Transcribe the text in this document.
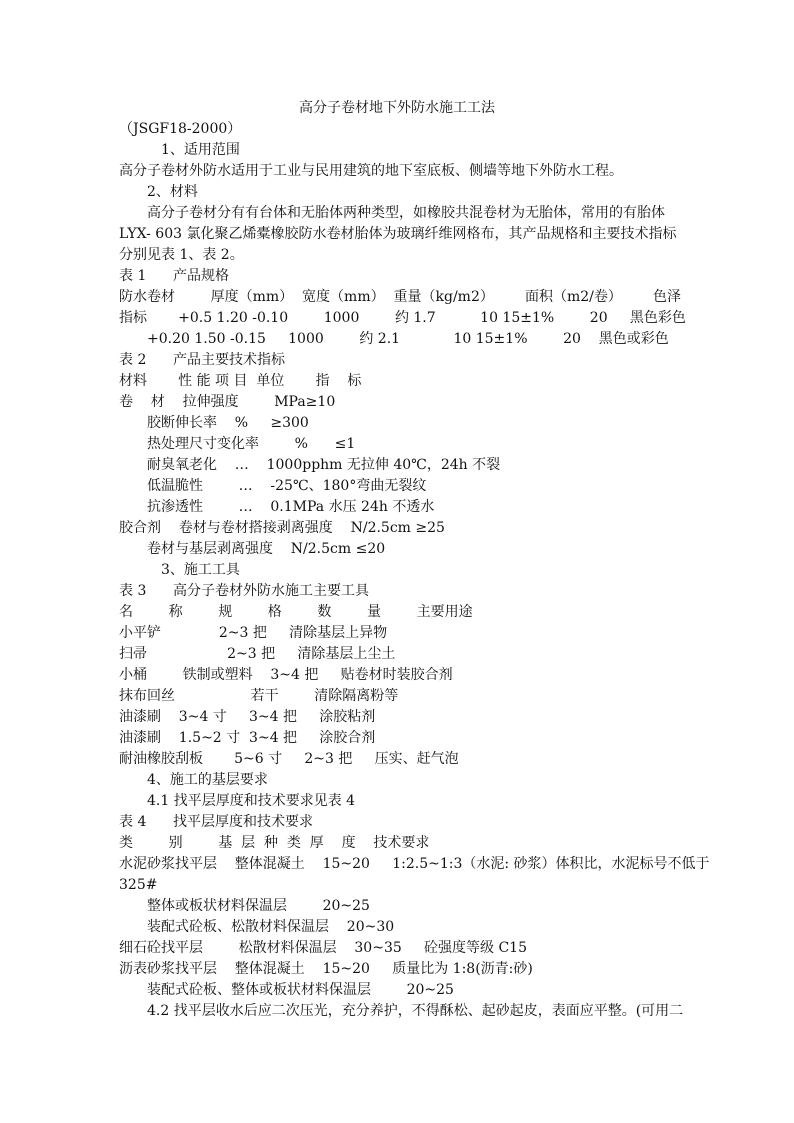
高分子卷材地下外防水施工工法
（JSGF18-2000）
1、适用范围
高分子卷材外防水适用于工业与民用建筑的地下室底板、侧墙等地下外防水工程。
2、材料
高分子卷材分有有台体和无胎体两种类型，如橡胶共混卷材为无胎体，常用的有胎体
LYX- 603 氯化聚乙烯橐橡胶防水卷材胎体为玻璃纤维网格布，其产品规格和主要技术指标
分别见表 1、表 2。
表 1      产品规格
防水卷材        厚度（mm）  宽度（mm）  重量（kg/m2）       面积（m2/卷）       色泽
指标       +0.5 1.20 -0.10        1000        约 1.7          10 15±1%        20     黑色彩色
+0.20 1.50 -0.15     1000        约 2.1            10 15±1%        20    黑色或彩色
表 2      产品主要技术指标
材料       性 能 项 目  单位       指    标
卷    材    拉伸强度        MPa≥10
胶断伸长率    %     ≥300
热处理尺寸变化率        %      ≤1
耐臭氧老化    …    1000pphm 无拉伸 40℃，24h 不裂
低温脆性        …    -25℃、180°弯曲无裂纹
抗渗透性        …    0.1MPa 水压 24h 不透水
胶合剂    卷材与卷材搭接剥离强度    N/2.5cm ≥25
卷材与基层剥离强度    N/2.5cm ≤20
3、施工工具
表 3      高分子卷材外防水施工主要工具
名        称        规        格        数        量        主要用途
小平铲             2~3 把     清除基层上异物
扫帚                  2~3 把     清除基层上尘土
小桶        铁制或塑料    3~4 把     贴卷材时装胶合剂
抹布回丝                 若干        清除隔离粉等
油漆刷    3~4 寸     3~4 把     涂胶粘剂
油漆刷    1.5~2 寸  3~4 把     涂胶合剂
耐油橡胶刮板       5~6 寸     2~3 把     压实、赶气泡
4、施工的基层要求
4.1 找平层厚度和技术要求见表 4
表 4      找平层厚度和技术要求
类        别        基  层  种  类  厚    度    技术要求
水泥砂浆找平层    整体混凝土    15~20     1:2.5~1:3（水泥: 砂浆）体积比，水泥标号不低于
325#
整体或板状材料保温层        20~25
装配式砼板、松散材料保温层    20~30
细石砼找平层        松散材料保温层    30~35     砼强度等级 C15
沥表砂浆找平层    整体混凝土    15~20     质量比为 1:8(沥青:砂)
装配式砼板、整体或板状材料保温层        20~25
4.2 找平层收水后应二次压光，充分养护，不得酥松、起砂起皮，表面应平整。(可用二
